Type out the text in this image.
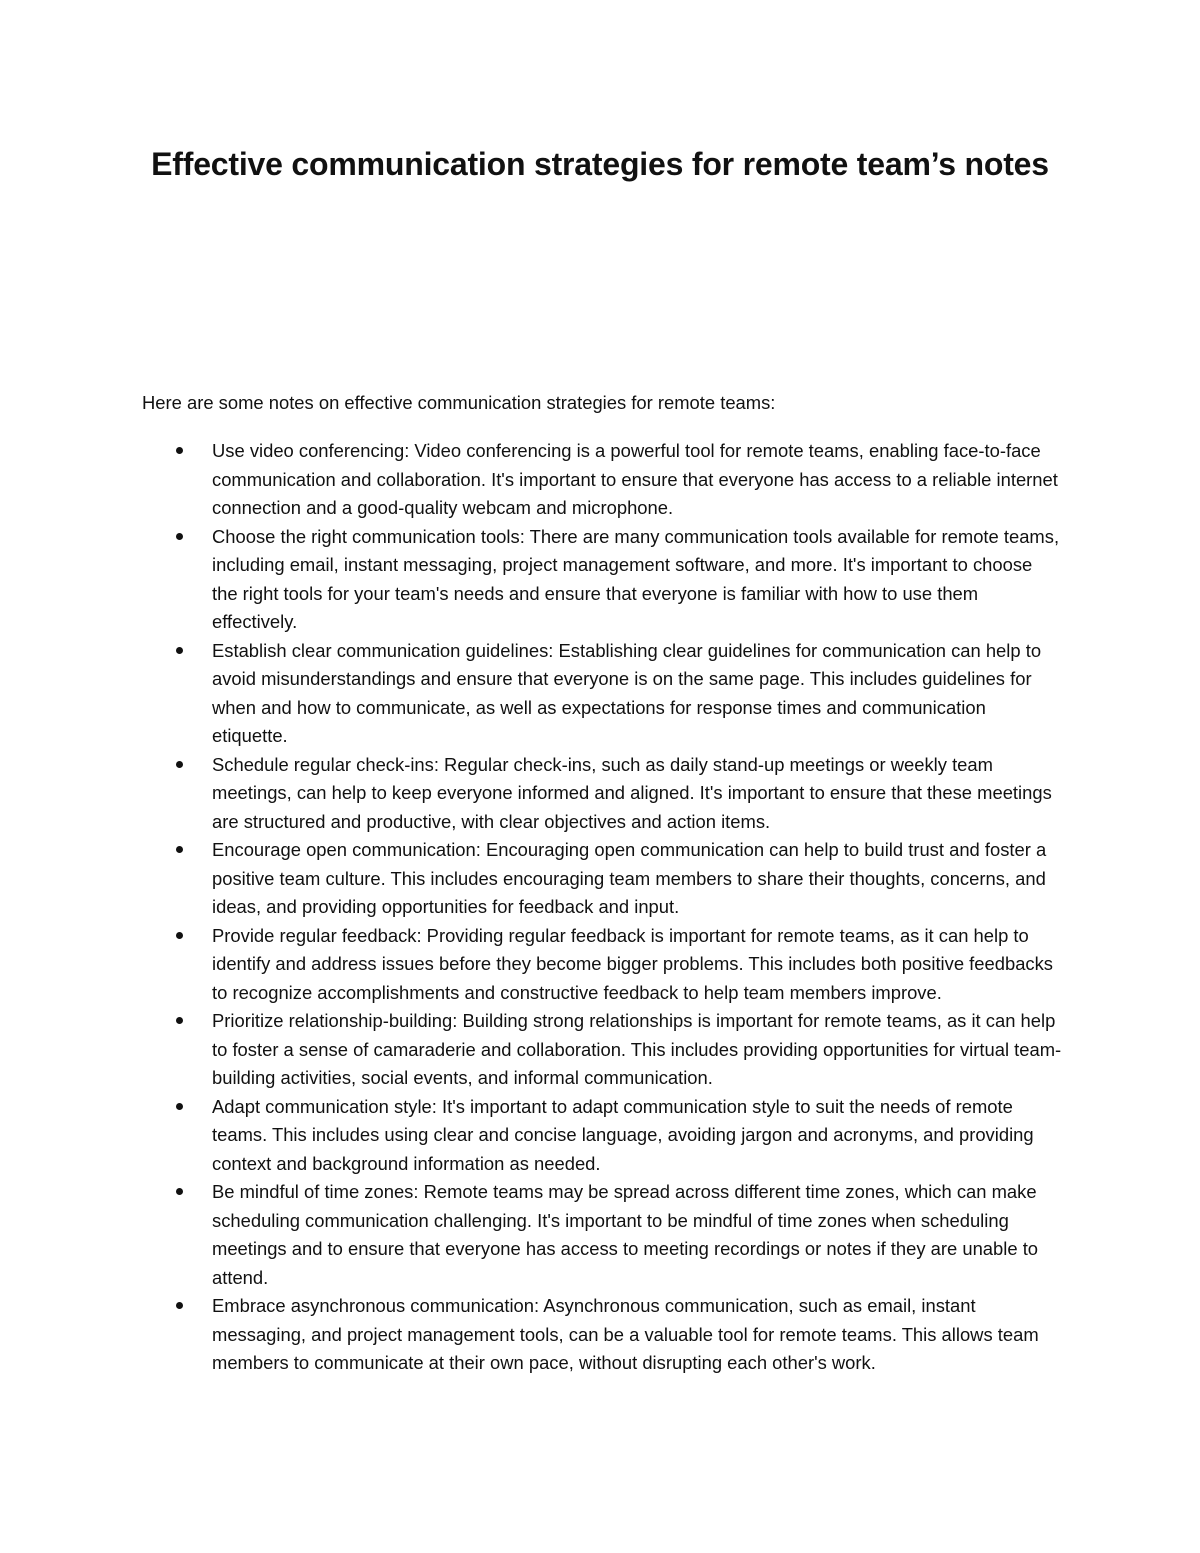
Effective communication strategies for remote team’s notes

Here are some notes on effective communication strategies for remote teams:

Use video conferencing: Video conferencing is a powerful tool for remote teams, enabling face-to-face communication and collaboration. It's important to ensure that everyone has access to a reliable internet connection and a good-quality webcam and microphone.
Choose the right communication tools: There are many communication tools available for remote teams, including email, instant messaging, project management software, and more. It's important to choose the right tools for your team's needs and ensure that everyone is familiar with how to use them effectively.
Establish clear communication guidelines: Establishing clear guidelines for communication can help to avoid misunderstandings and ensure that everyone is on the same page. This includes guidelines for when and how to communicate, as well as expectations for response times and communication etiquette.
Schedule regular check-ins: Regular check-ins, such as daily stand-up meetings or weekly team meetings, can help to keep everyone informed and aligned. It's important to ensure that these meetings are structured and productive, with clear objectives and action items.
Encourage open communication: Encouraging open communication can help to build trust and foster a positive team culture. This includes encouraging team members to share their thoughts, concerns, and ideas, and providing opportunities for feedback and input.
Provide regular feedback: Providing regular feedback is important for remote teams, as it can help to identify and address issues before they become bigger problems. This includes both positive feedbacks to recognize accomplishments and constructive feedback to help team members improve.
Prioritize relationship-building: Building strong relationships is important for remote teams, as it can help to foster a sense of camaraderie and collaboration. This includes providing opportunities for virtual team-building activities, social events, and informal communication.
Adapt communication style: It's important to adapt communication style to suit the needs of remote teams. This includes using clear and concise language, avoiding jargon and acronyms, and providing context and background information as needed.
Be mindful of time zones: Remote teams may be spread across different time zones, which can make scheduling communication challenging. It's important to be mindful of time zones when scheduling meetings and to ensure that everyone has access to meeting recordings or notes if they are unable to attend.
Embrace asynchronous communication: Asynchronous communication, such as email, instant messaging, and project management tools, can be a valuable tool for remote teams. This allows team members to communicate at their own pace, without disrupting each other's work.
